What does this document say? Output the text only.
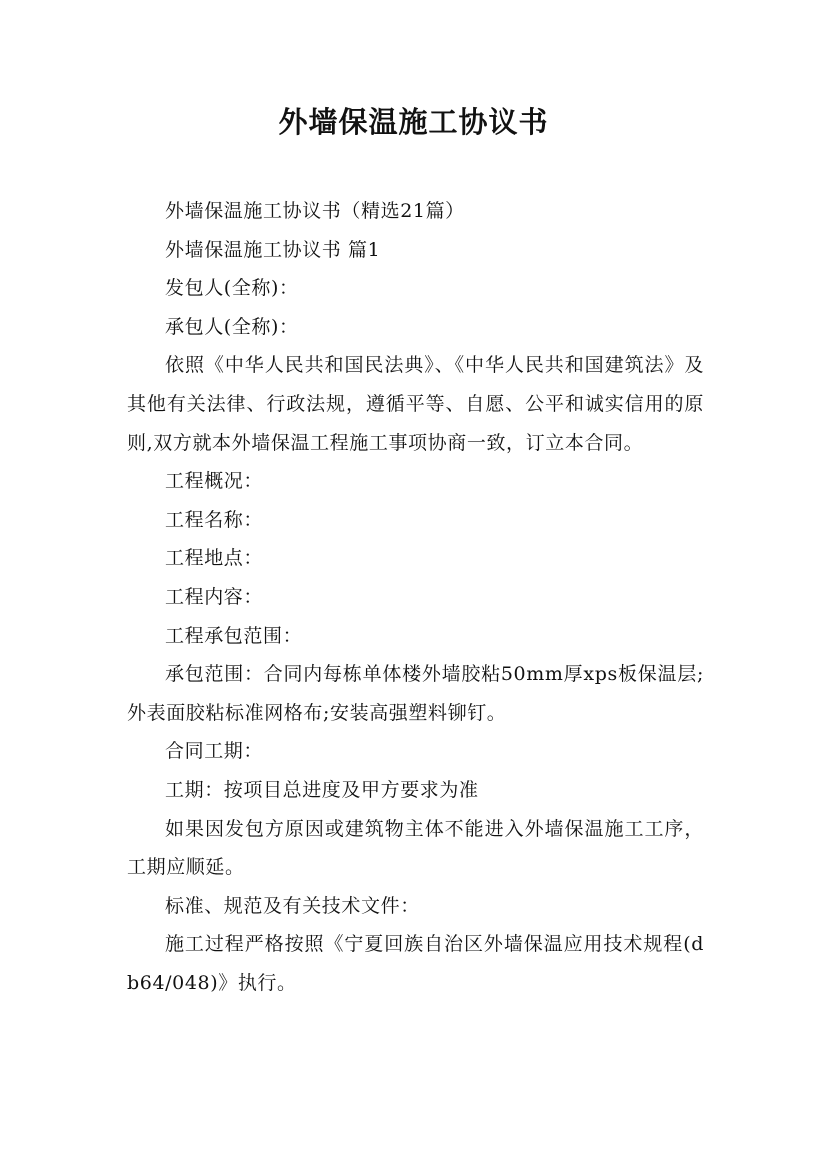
外墙保温施工协议书

外墙保温施工协议书（精选21篇）

外墙保温施工协议书 篇1

发包人(全称)：

承包人(全称)：

依照《中华人民共和国民法典》、《中华人民共和国建筑法》及其他有关法律、行政法规，遵循平等、自愿、公平和诚实信用的原则,双方就本外墙保温工程施工事项协商一致，订立本合同。

工程概况：

工程名称：

工程地点：

工程内容：

工程承包范围：

承包范围：合同内每栋单体楼外墙胶粘50mm厚xps板保温层;外表面胶粘标准网格布;安装高强塑料铆钉。

合同工期：

工期：按项目总进度及甲方要求为准

如果因发包方原因或建筑物主体不能进入外墙保温施工工序，工期应顺延。

标准、规范及有关技术文件：

施工过程严格按照《宁夏回族自治区外墙保温应用技术规程(db64/048)》执行。
